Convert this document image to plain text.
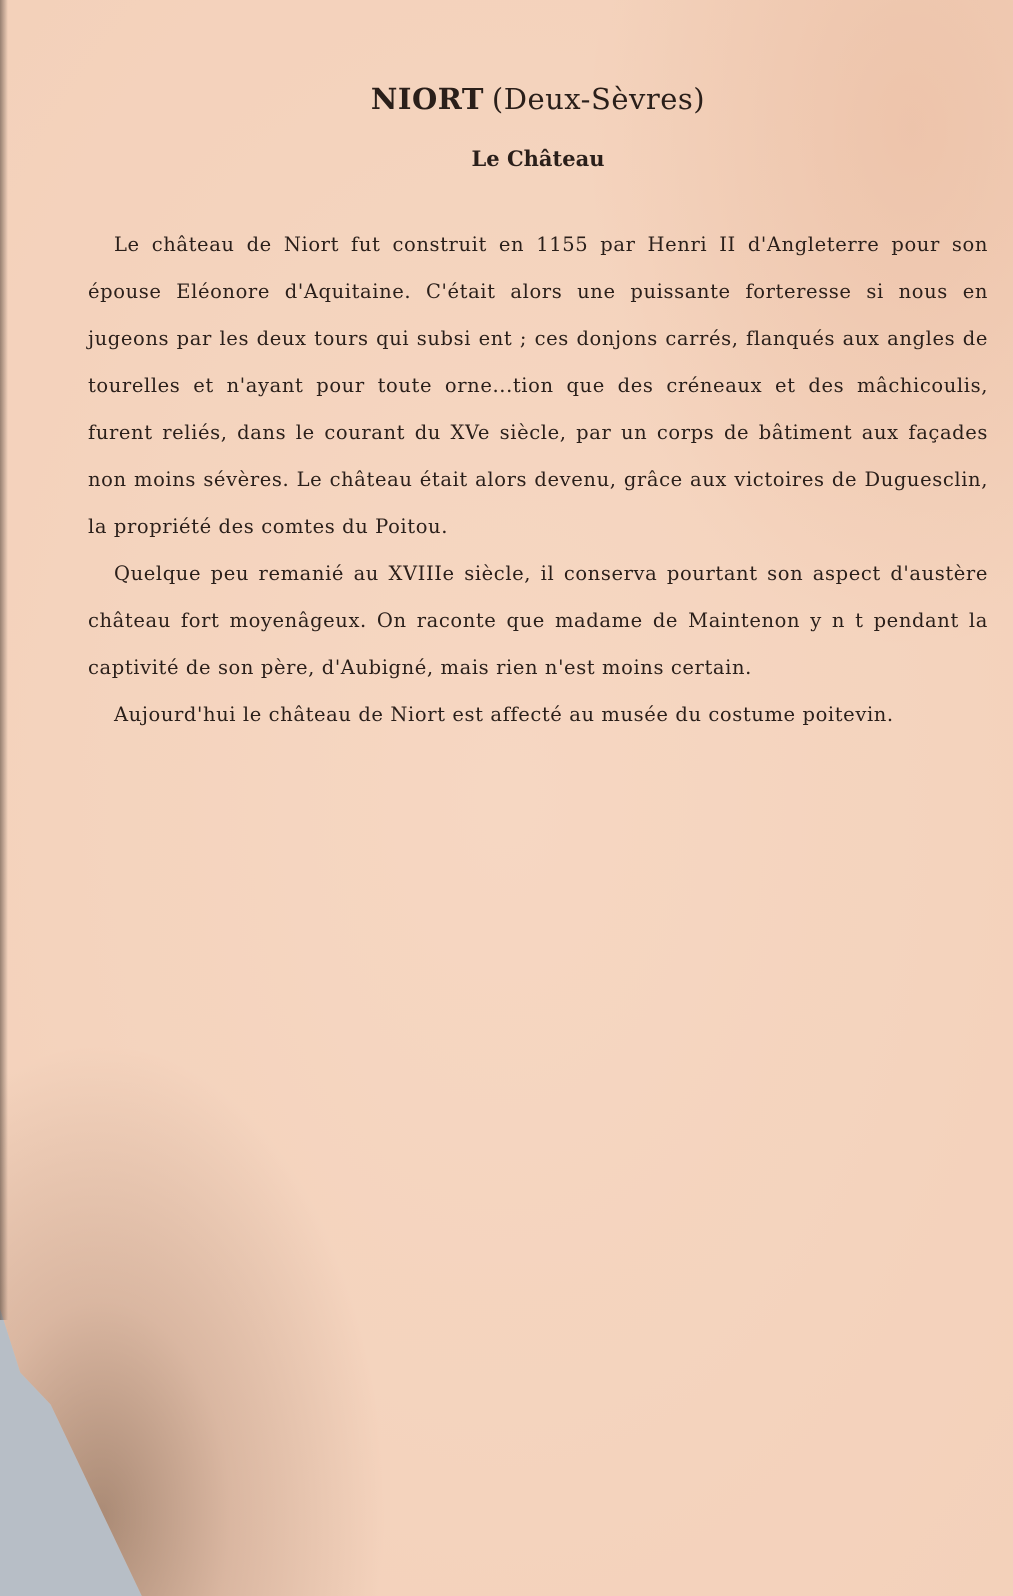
NIORT (Deux-Sèvres)
Le Château

Le château de Niort fut construit en 1155 par Henri II d'Angleterre pour son épouse Eléonore d'Aquitaine. C'était alors une puissante forteresse si nous en jugeons par les deux tours qui subsi ent ; ces donjons carrés, flanqués aux angles de tourelles et n'ayant pour toute orne...tion que des créneaux et des mâchicoulis, furent reliés, dans le courant du XVe siècle, par un corps de bâtiment aux façades non moins sévères. Le château était alors devenu, grâce aux victoires de Duguesclin, la propriété des comtes du Poitou.

Quelque peu remanié au XVIIIe siècle, il conserva pourtant son aspect d'austère château fort moyenâgeux. On raconte que madame de Maintenon y n t pendant la captivité de son père, d'Aubigné, mais rien n'est moins certain.

Aujourd'hui le château de Niort est affecté au musée du costume poitevin.
